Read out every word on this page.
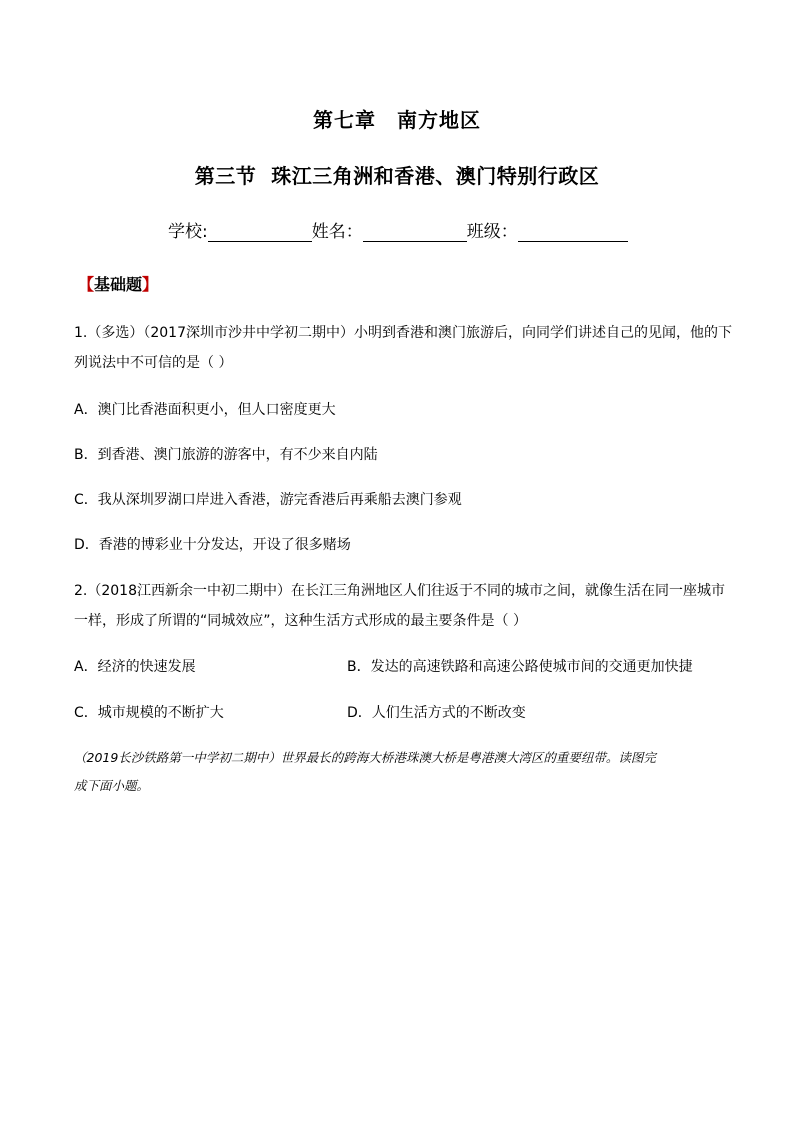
第七章　南方地区
第三节  珠江三角洲和香港、澳门特别行政区
学校:	姓名：	班级：
【基础题】
1.（多选）（2017深圳市沙井中学初二期中）小明到香港和澳门旅游后，向同学们讲述自己的见闻，他的下
列说法中不可信的是（ ）
A．澳门比香港面积更小，但人口密度更大
B．到香港、澳门旅游的游客中，有不少来自内陆
C．我从深圳罗湖口岸进入香港，游完香港后再乘船去澳门参观
D．香港的博彩业十分发达，开设了很多赌场
2.（2018江西新余一中初二期中）在长江三角洲地区人们往返于不同的城市之间，就像生活在同一座城市
一样，形成了所谓的“同城效应”，这种生活方式形成的最主要条件是（ ）
A．经济的快速发展	B．发达的高速铁路和高速公路使城市间的交通更加快捷
C．城市规模的不断扩大	D．人们生活方式的不断改变
（2019长沙铁路第一中学初二期中）世界最长的跨海大桥港珠澳大桥是粤港澳大湾区的重要纽带。读图完
成下面小题。
